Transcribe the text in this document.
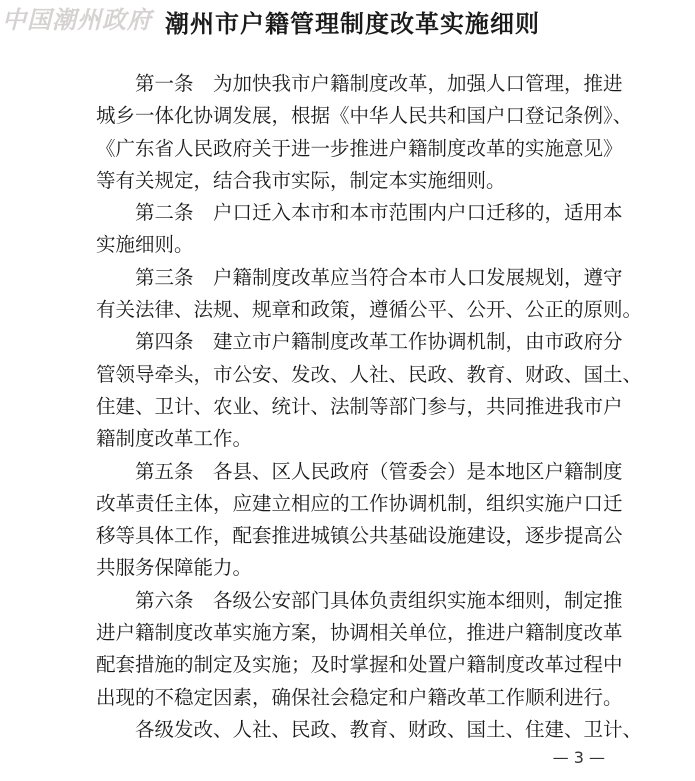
中国潮州政府 潮州市户籍管理制度改革实施细则
第一条　为加快我市户籍制度改革，加强人口管理，推进
城乡一体化协调发展，根据《中华人民共和国户口登记条例》、
《广东省人民政府关于进一步推进户籍制度改革的实施意见》
等有关规定，结合我市实际，制定本实施细则。
第二条　户口迁入本市和本市范围内户口迁移的，适用本
实施细则。
第三条　户籍制度改革应当符合本市人口发展规划，遵守
有关法律、法规、规章和政策，遵循公平、公开、公正的原则。
第四条　建立市户籍制度改革工作协调机制，由市政府分
管领导牵头，市公安、发改、人社、民政、教育、财政、国土、
住建、卫计、农业、统计、法制等部门参与，共同推进我市户
籍制度改革工作。
第五条　各县、区人民政府（管委会）是本地区户籍制度
改革责任主体，应建立相应的工作协调机制，组织实施户口迁
移等具体工作，配套推进城镇公共基础设施建设，逐步提高公
共服务保障能力。
第六条　各级公安部门具体负责组织实施本细则，制定推
进户籍制度改革实施方案，协调相关单位，推进户籍制度改革
配套措施的制定及实施；及时掌握和处置户籍制度改革过程中
出现的不稳定因素，确保社会稳定和户籍改革工作顺利进行。
各级发改、人社、民政、教育、财政、国土、住建、卫计、
— 3 —
